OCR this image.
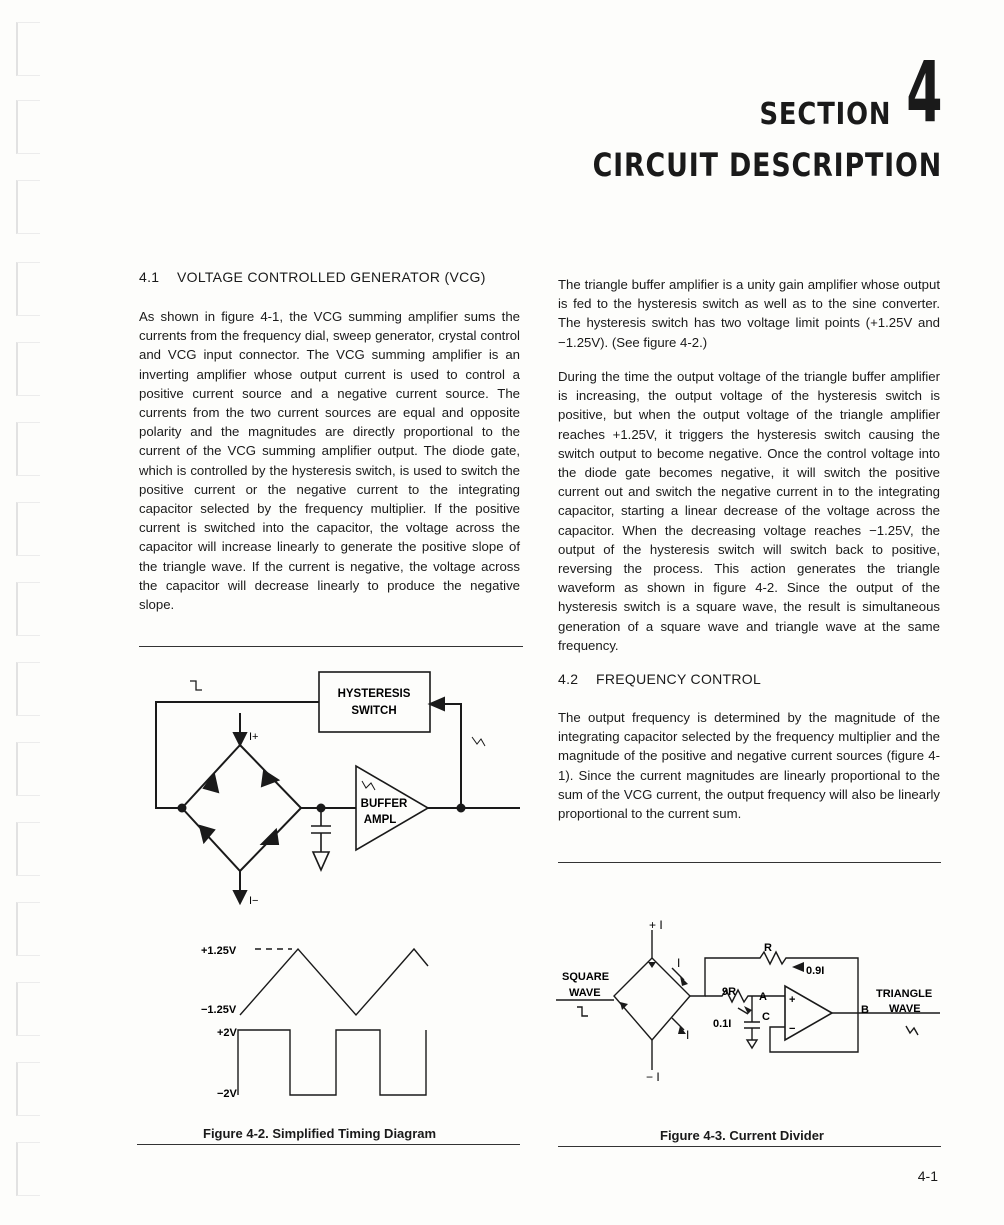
SECTION 4
CIRCUIT DESCRIPTION
4.1 VOLTAGE CONTROLLED GENERATOR (VCG)

As shown in figure 4-1, the VCG summing amplifier sums the currents from the frequency dial, sweep generator, crystal control and VCG input connector. The VCG summing amplifier is an inverting amplifier whose output current is used to control a positive current source and a negative current source. The currents from the two current sources are equal and opposite polarity and the magnitudes are directly proportional to the current of the VCG summing amplifier output. The diode gate, which is controlled by the hysteresis switch, is used to switch the positive current or the negative current to the integrating capacitor selected by the frequency multiplier. If the positive current is switched into the capacitor, the voltage across the capacitor will increase linearly to generate the positive slope of the triangle wave. If the current is negative, the voltage across the capacitor will decrease linearly to produce the negative slope.

The triangle buffer amplifier is a unity gain amplifier whose output is fed to the hysteresis switch as well as to the sine converter. The hysteresis switch has two voltage limit points (+1.25V and −1.25V). (See figure 4-2.)

During the time the output voltage of the triangle buffer amplifier is increasing, the output voltage of the hysteresis switch is positive, but when the output voltage of the triangle amplifier reaches +1.25V, it triggers the hysteresis switch causing the switch output to become negative. Once the control voltage into the diode gate becomes negative, it will switch the positive current out and switch the negative current in to the integrating capacitor, starting a linear decrease of the voltage across the capacitor. When the decreasing voltage reaches −1.25V, the output of the hysteresis switch will switch back to positive, reversing the process. This action generates the triangle waveform as shown in figure 4-2. Since the output of the hysteresis switch is a square wave, the result is simultaneous generation of a square wave and triangle wave at the same frequency.

4.2 FREQUENCY CONTROL

The output frequency is determined by the magnitude of the integrating capacitor selected by the frequency multiplier and the magnitude of the positive and negative current sources (figure 4-1). Since the current magnitudes are linearly proportional to the sum of the VCG current, the output frequency will also be linearly proportional to the current sum.

HYSTERESIS
SWITCH
BUFFER
AMPL
I+
I−
+1.25V
−1.25V
+2V
−2V
+ I
− I
I
I
R
0.9I
9R A
C
B
0.1I
+
−
SQUARE
WAVE	TRIANGLE
WAVE
Figure 4-2. Simplified Timing Diagram	Figure 4-3. Current Divider
4-1
